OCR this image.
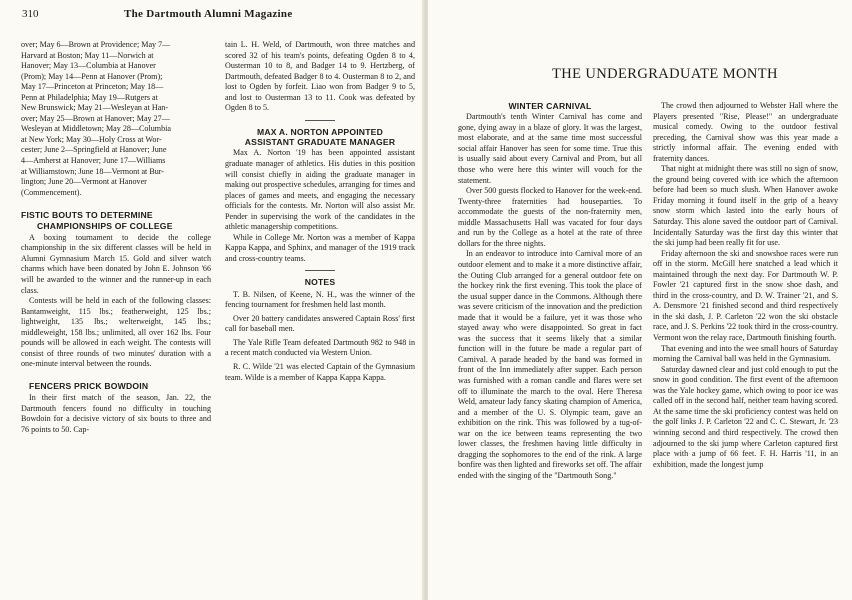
310	The Dartmouth Alumni Magazine
over; May 6—Brown at Providence; May 7—
Harvard at Boston; May 11—Norwich at
Hanover; May 13—Columbia at Hanover
(Prom); May 14—Penn at Hanover (Prom);
May 17—Princeton at Princeton; May 18—
Penn at Philadelphia; May 19—Rutgers at
New Brunswick; May 21—Wesleyan at Han-
over; May 25—Brown at Hanover; May 27—
Wesleyan at Middletown; May 28—Columbia
at New York; May 30—Holy Cross at Wor-
cester; June 2—Springfield at Hanover; June
4—Amherst at Hanover; June 17—Williams
at Williamstown; June 18—Vermont at Bur-
lington; June 20—Vermont at Hanover
(Commencement).
FISTIC BOUTS TO DETERMINE
CHAMPIONSHIPS OF COLLEGE

A boxing tournament to decide the college championship in the six different classes will be held in Alumni Gymnasium March 15. Gold and silver watch charms which have been donated by John E. Johnson '66 will be awarded to the winner and the runner-up in each class.

Contests will be held in each of the following classes: Bantamweight, 115 lbs.; featherweight, 125 lbs.; lightweight, 135 lbs.; welterweight, 145 lbs.; middleweight, 158 lbs.; unlimited, all over 162 lbs. Four pounds will be allowed in each weight. The contests will consist of three rounds of two minutes' duration with a one-minute interval between the rounds.

FENCERS PRICK BOWDOIN

In their first match of the season, Jan. 22, the Dartmouth fencers found no difficulty in touching Bowdoin for a decisive victory of six bouts to three and 76 points to 50. Cap-

tain L. H. Weld, of Dartmouth, won three matches and scored 32 of his team's points, defeating Ogden 8 to 4, Ousterman 10 to 8, and Badger 14 to 9. Hertzberg, of Dartmouth, defeated Badger 8 to 4. Ousterman 8 to 2, and lost to Ogden by forfeit. Liao won from Badger 9 to 5, and lost to Ousterman 13 to 11. Cook was defeated by Ogden 8 to 5.

MAX A. NORTON APPOINTED
ASSISTANT GRADUATE MANAGER

Max A. Norton '19 has been appointed assistant graduate manager of athletics. His duties in this position will consist chiefly in aiding the graduate manager in making out prospective schedules, arranging for times and places of games and meets, and engaging the necessary officials for the contests. Mr. Norton will also assist Mr. Pender in supervising the work of the candidates in the athletic managership competitions.

While in College Mr. Norton was a member of Kappa Kappa Kappa, and Sphinx, and manager of the 1919 track and cross-country teams.

NOTES

T. B. Nilsen, of Keene, N. H., was the winner of the fencing tournament for freshmen held last month.

Over 20 battery candidates answered Captain Ross' first call for baseball men.

The Yale Rifle Team defeated Dartmouth 982 to 948 in a recent match conducted via Western Union.

R. C. Wilde '21 was elected Captain of the Gymnasium team. Wilde is a member of Kappa Kappa Kappa.

THE UNDERGRADUATE MONTH
WINTER CARNIVAL

Dartmouth's tenth Winter Carnival has come and gone, dying away in a blaze of glory. It was the largest, most elaborate, and at the same time most successful social affair Hanover has seen for some time. True this is usually said about every Carnival and Prom, but all those who were here this winter will vouch for the statement.

Over 500 guests flocked to Hanover for the week-end. Twenty-three fraternities had houseparties. To accommodate the guests of the non-fraternity men, middle Massachusetts Hall was vacated for four days and run by the College as a hotel at the rate of three dollars for the three nights.

In an endeavor to introduce into Carnival more of an outdoor element and to make it a more distinctive affair, the Outing Club arranged for a general outdoor fete on the hockey rink the first evening. This took the place of the usual supper dance in the Commons. Although there was severe criticism of the innovation and the prediction made that it would be a failure, yet it was those who stayed away who were disappointed. So great in fact was the success that it seems likely that a similar function will in the future be made a regular part of Carnival. A parade headed by the band was formed in front of the Inn immediately after supper. Each person was furnished with a roman candle and flares were set off to illuminate the march to the oval. Here Theresa Weld, amateur lady fancy skating champion of America, and a member of the U. S. Olympic team, gave an exhibition on the rink. This was followed by a tug-of-war on the ice between teams representing the two lower classes, the freshmen having little difficulty in dragging the sophomores to the end of the rink. A large bonfire was then lighted and fireworks set off. The affair ended with the singing of the "Dartmouth Song."

The crowd then adjourned to Webster Hall where the Players presented "Rise, Please!" an undergraduate musical comedy. Owing to the outdoor festival preceding, the Carnival show was this year made a strictly informal affair. The evening ended with fraternity dances.

That night at midnight there was still no sign of snow, the ground being covered with ice which the afternoon before had been so much slush. When Hanover awoke Friday morning it found itself in the grip of a heavy snow storm which lasted into the early hours of Saturday. This alone saved the outdoor part of Carnival. Incidentally Saturday was the first day this winter that the ski jump had been really fit for use.

Friday afternoon the ski and snowshoe races were run off in the storm. McGill here snatched a lead which it maintained through the next day. For Dartmouth W. P. Fowler '21 captured first in the snow shoe dash, and third in the cross-country, and D. W. Trainer '21, and S. A. Densmore '21 finished second and third respectively in the ski dash, J. P. Carleton '22 won the ski obstacle race, and J. S. Perkins '22 took third in the cross-country. Vermont won the relay race, Dartmouth finishing fourth.

That evening and into the wee small hours of Saturday morning the Carnival ball was held in the Gymnasium.

Saturday dawned clear and just cold enough to put the snow in good condition. The first event of the afternoon was the Yale hockey game, which owing to poor ice was called off in the second half, neither team having scored. At the same time the ski proficiency contest was held on the golf links J. P. Carleton '22 and C. C. Stewart, Jr. '23 winning second and third respectively. The crowd then adjourned to the ski jump where Carleton captured first place with a jump of 66 feet. F. H. Harris '11, in an exhibition, made the longest jump
